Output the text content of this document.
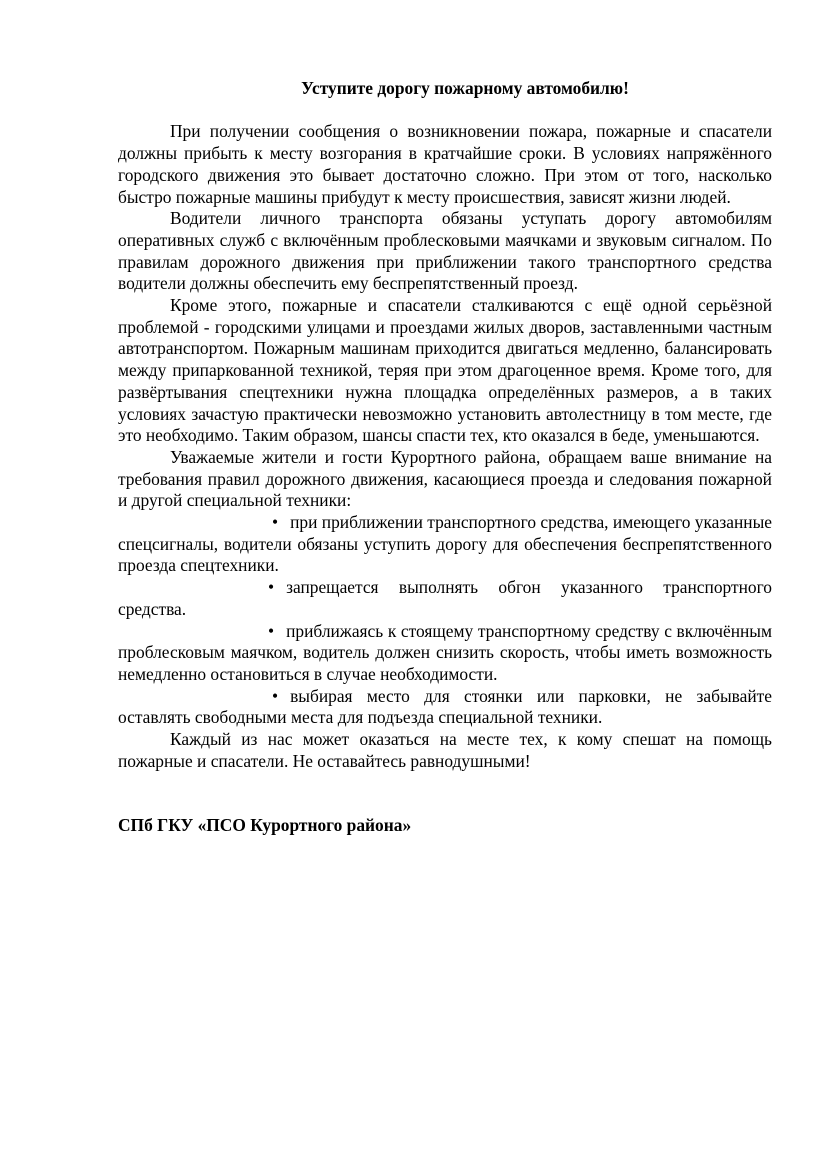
Уступите дорогу пожарному автомобилю!

При получении сообщения о возникновении пожара, пожарные и спасатели должны прибыть к месту возгорания в кратчайшие сроки. В условиях напряжённого городского движения это бывает достаточно сложно. При этом от того, насколько быстро пожарные машины прибудут к месту происшествия, зависят жизни людей.

Водители личного транспорта обязаны уступать дорогу автомобилям оперативных служб с включённым проблесковыми маячками и звуковым сигналом. По правилам дорожного движения при приближении такого транспортного средства водители должны обеспечить ему беспрепятственный проезд.

Кроме этого, пожарные и спасатели сталкиваются с ещё одной серьёзной проблемой - городскими улицами и проездами жилых дворов, заставленными частным автотранспортом. Пожарным машинам приходится двигаться медленно, балансировать между припаркованной техникой, теряя при этом драгоценное время. Кроме того, для развёртывания спецтехники нужна площадка определённых размеров, а в таких условиях зачастую практически невозможно установить автолестницу в том месте, где это необходимо. Таким образом, шансы спасти тех, кто оказался в беде, уменьшаются.

Уважаемые жители и гости Курортного района, обращаем ваше внимание на требования правил дорожного движения, касающиеся проезда и следования пожарной и другой специальной техники:

• при приближении транспортного средства, имеющего указанные спецсигналы, водители обязаны уступить дорогу для обеспечения беспрепятственного проезда спецтехники.

• запрещается выполнять обгон указанного транспортного средства.

• приближаясь к стоящему транспортному средству с включённым проблесковым маячком, водитель должен снизить скорость, чтобы иметь возможность немедленно остановиться в случае необходимости.

• выбирая место для стоянки или парковки, не забывайте оставлять свободными места для подъезда специальной техники.

Каждый из нас может оказаться на месте тех, к кому спешат на помощь пожарные и спасатели. Не оставайтесь равнодушными!

СПб ГКУ «ПСО Курортного района»
